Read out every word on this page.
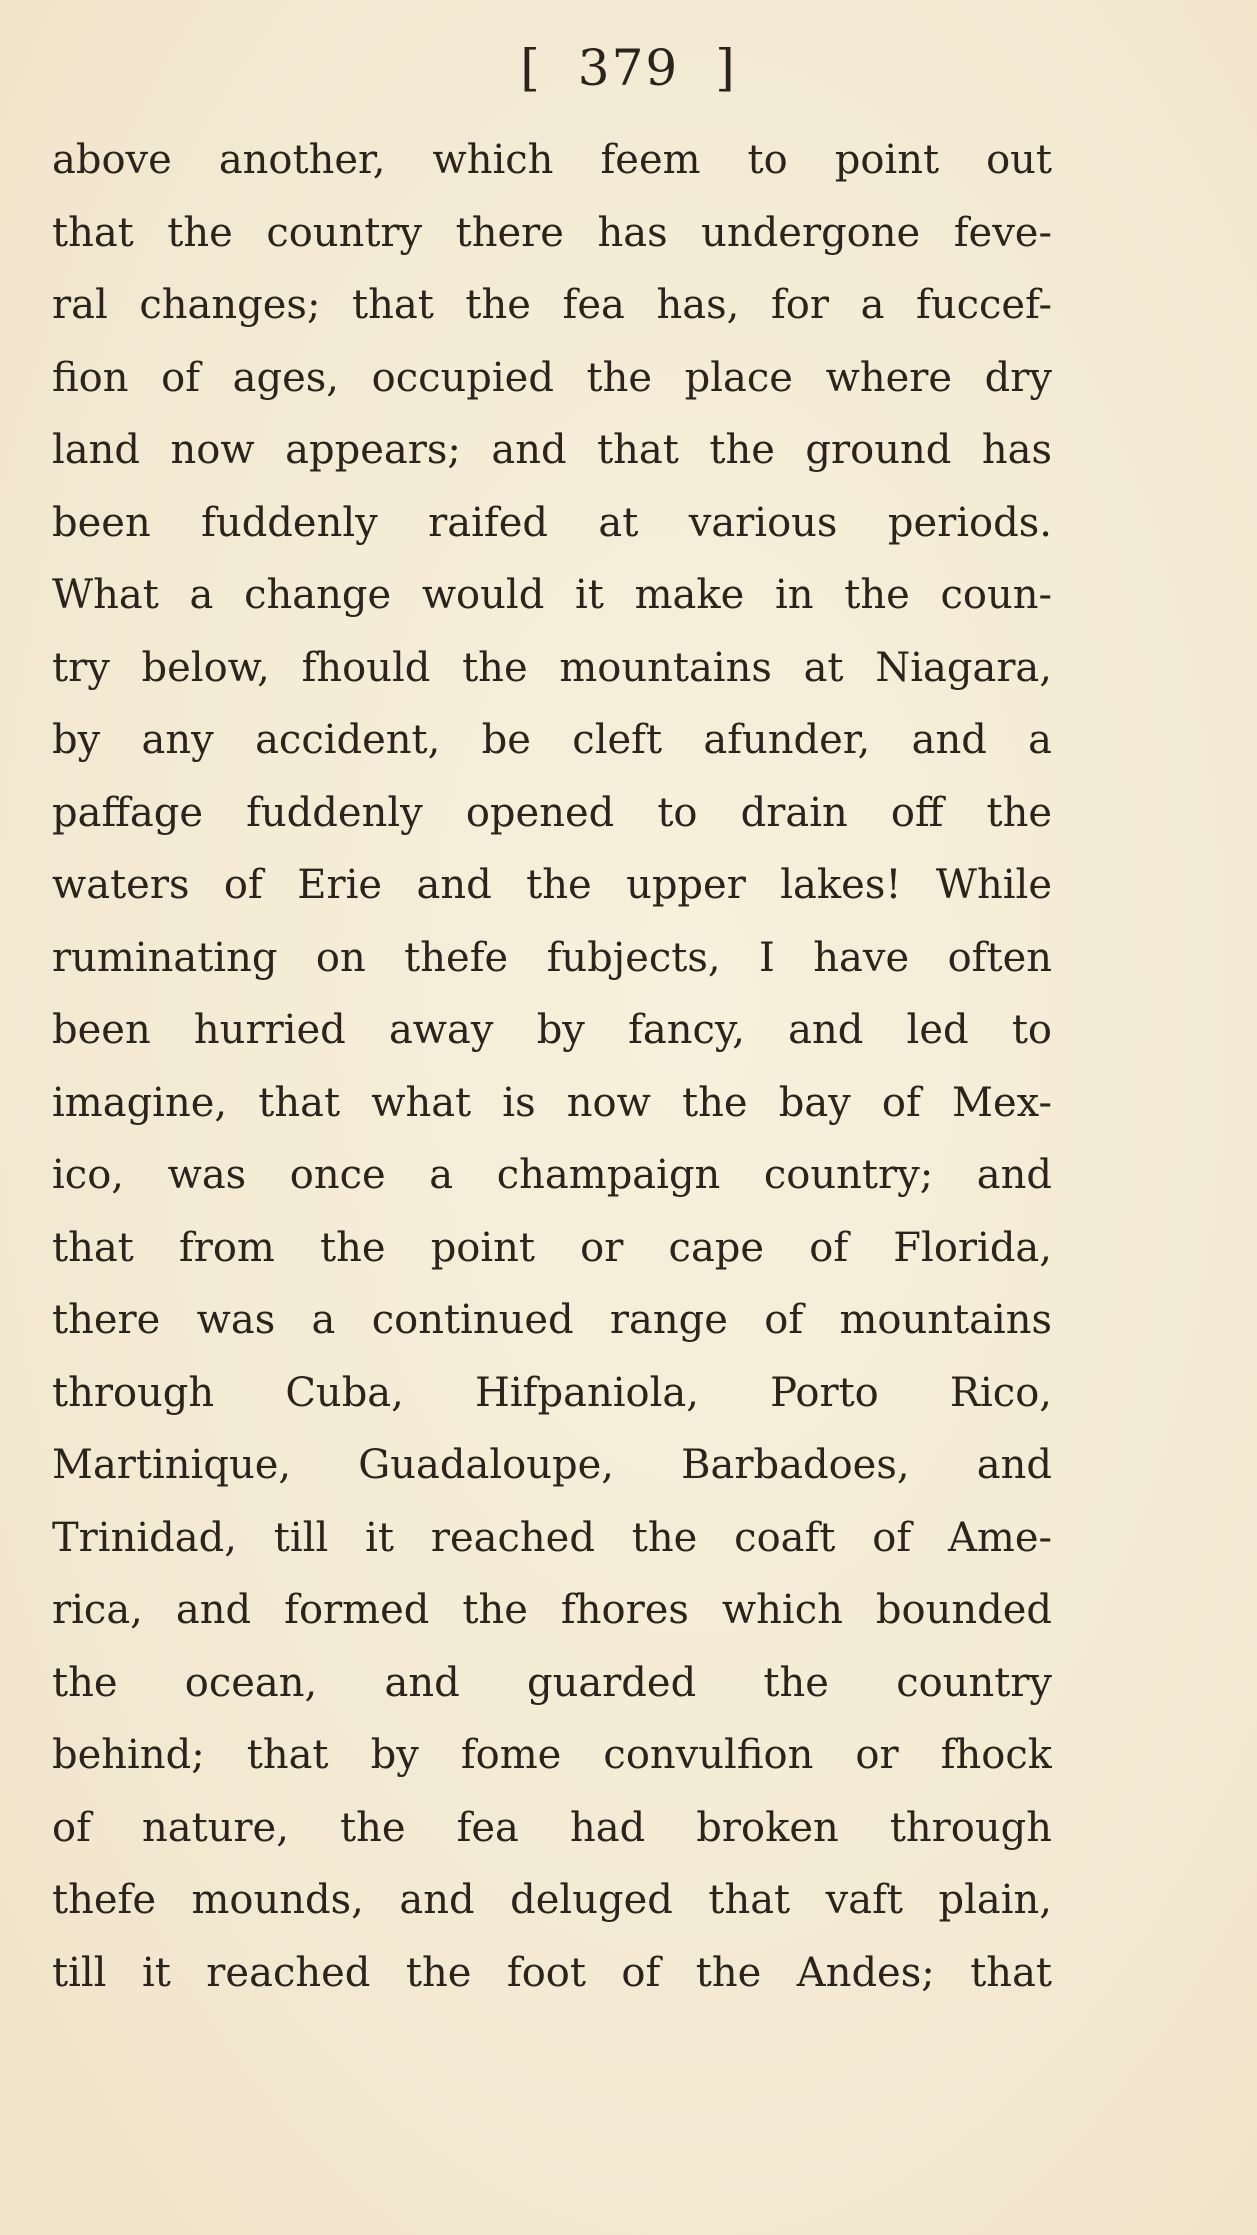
[ 379 ]
above another, which feem to point out
that the country there has undergone feve-
ral changes; that the fea has, for a fuccef-
fion of ages, occupied the place where dry
land now appears; and that the ground has
been fuddenly raifed at various periods.
What a change would it make in the coun-
try below, fhould the mountains at Niagara,
by any accident, be cleft afunder, and a
paffage fuddenly opened to drain off the
waters of Erie and the upper lakes! While
ruminating on thefe fubjects, I have often
been hurried away by fancy, and led to
imagine, that what is now the bay of Mex-
ico, was once a champaign country; and
that from the point or cape of Florida,
there was a continued range of mountains
through Cuba, Hifpaniola, Porto Rico,
Martinique, Guadaloupe, Barbadoes, and
Trinidad, till it reached the coaft of Ame-
rica, and formed the fhores which bounded
the ocean, and guarded the country
behind; that by fome convulfion or fhock
of nature, the fea had broken through
thefe mounds, and deluged that vaft plain,
till it reached the foot of the Andes; that
